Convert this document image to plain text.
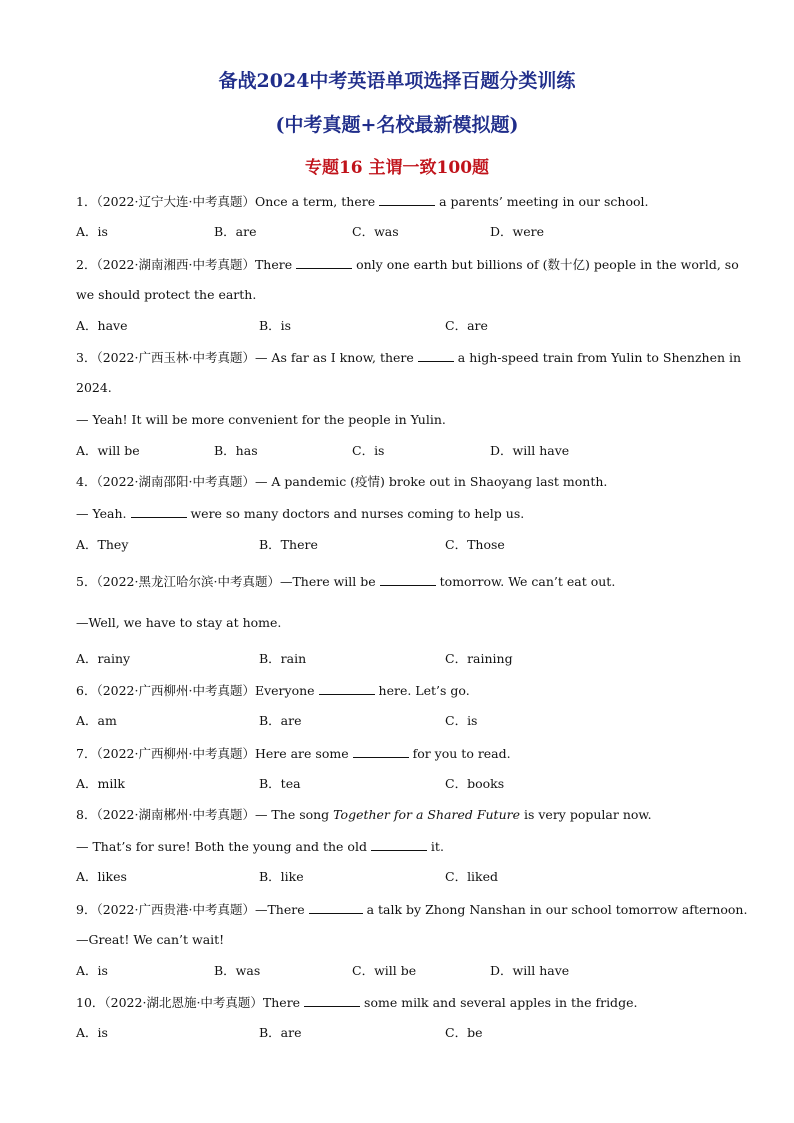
备战2024中考英语单项选择百题分类训练
(中考真题+名校最新模拟题)
专题16 主谓一致100题
1．（2022·辽宁大连·中考真题）Once a term, there	a parents’ meeting in our school.
A．is	B．are	C．was	D．were
2．（2022·湖南湘西·中考真题）There	only one earth but billions of (数十亿) people in the world, so
we should protect the earth.
A．have	B．is	C．are
3．（2022·广西玉林·中考真题）— As far as I know, there	a high-speed train from Yulin to Shenzhen in
2024.
— Yeah! It will be more convenient for the people in Yulin.
A．will be	B．has	C．is	D．will have
4．（2022·湖南邵阳·中考真题）— A pandemic (疫情) broke out in Shaoyang last month.
— Yeah.	were so many doctors and nurses coming to help us.
A．They	B．There	C．Those
5．（2022·黑龙江哈尔滨·中考真题）—There will be	tomorrow. We can’t eat out.
—Well, we have to stay at home.
A．rainy	B．rain	C．raining
6．（2022·广西柳州·中考真题）Everyone	here. Let’s go.
A．am	B．are	C．is
7．（2022·广西柳州·中考真题）Here are some	for you to read.
A．milk	B．tea	C．books
8．（2022·湖南郴州·中考真题）— The song Together for a Shared Future is very popular now.
— That’s for sure! Both the young and the old	it.
A．likes	B．like	C．liked
9．（2022·广西贵港·中考真题）—There	a talk by Zhong Nanshan in our school tomorrow afternoon.
—Great! We can’t wait!
A．is	B．was	C．will be	D．will have
10．（2022·湖北恩施·中考真题）There	some milk and several apples in the fridge.
A．is	B．are	C．be
